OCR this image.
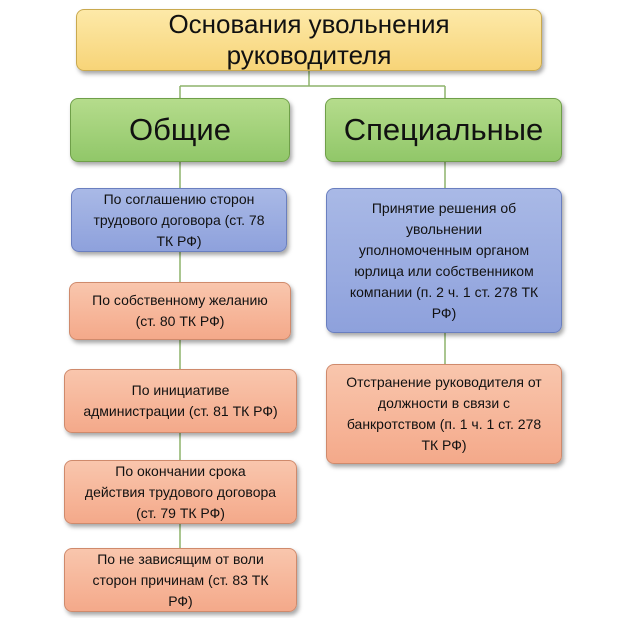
Основания увольнения
руководителя
Общие	Специальные
По соглашению сторон
трудового договора (ст. 78
ТК РФ)
По собственному желанию
(ст. 80 ТК РФ)
По инициативе
администрации (ст. 81 ТК РФ)
По окончании срока
действия трудового договора
(ст. 79 ТК РФ)
По не зависящим от воли
сторон причинам (ст. 83 ТК
РФ)
Принятие решения об
увольнении
уполномоченным органом
юрлица или собственником
компании (п. 2 ч. 1 ст. 278 ТК
РФ)
Отстранение руководителя от
должности в связи с
банкротством (п. 1 ч. 1 ст. 278
ТК РФ)
